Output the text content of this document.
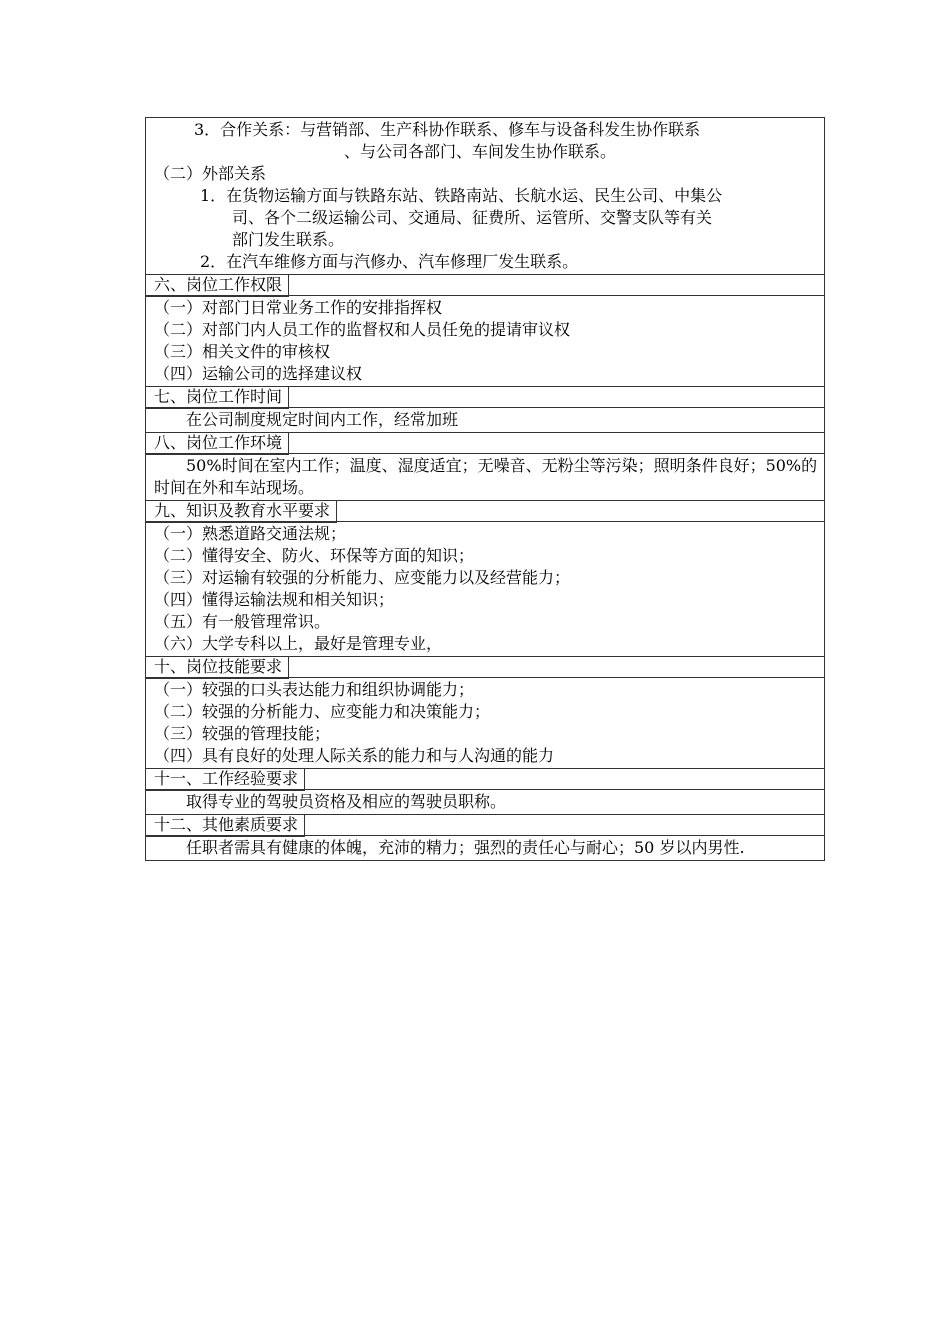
3．合作关系：与营销部、生产科协作联系、修车与设备科发生协作联系
、与公司各部门、车间发生协作联系。
（二）外部关系
1．在货物运输方面与铁路东站、铁路南站、长航水运、民生公司、中集公
司、各个二级运输公司、交通局、征费所、运管所、交警支队等有关
部门发生联系。
2．在汽车维修方面与汽修办、汽车修理厂发生联系。
六、岗位工作权限
（一）对部门日常业务工作的安排指挥权
（二）对部门内人员工作的监督权和人员任免的提请审议权
（三）相关文件的审核权
（四）运输公司的选择建议权
七、岗位工作时间
在公司制度规定时间内工作，经常加班
八、岗位工作环境
50%时间在室内工作；温度、湿度适宜；无噪音、无粉尘等污染；照明条件良好；50%的时间在外和车站现场。
九、知识及教育水平要求
（一）熟悉道路交通法规；
（二）懂得安全、防火、环保等方面的知识；
（三）对运输有较强的分析能力、应变能力以及经营能力；
（四）懂得运输法规和相关知识；
（五）有一般管理常识。
（六）大学专科以上，最好是管理专业，
十、岗位技能要求
（一）较强的口头表达能力和组织协调能力；
（二）较强的分析能力、应变能力和决策能力；
（三）较强的管理技能；
（四）具有良好的处理人际关系的能力和与人沟通的能力
十一、工作经验要求
取得专业的驾驶员资格及相应的驾驶员职称。
十二、其他素质要求
任职者需具有健康的体魄，充沛的精力；强烈的责任心与耐心；50 岁以内男性.
